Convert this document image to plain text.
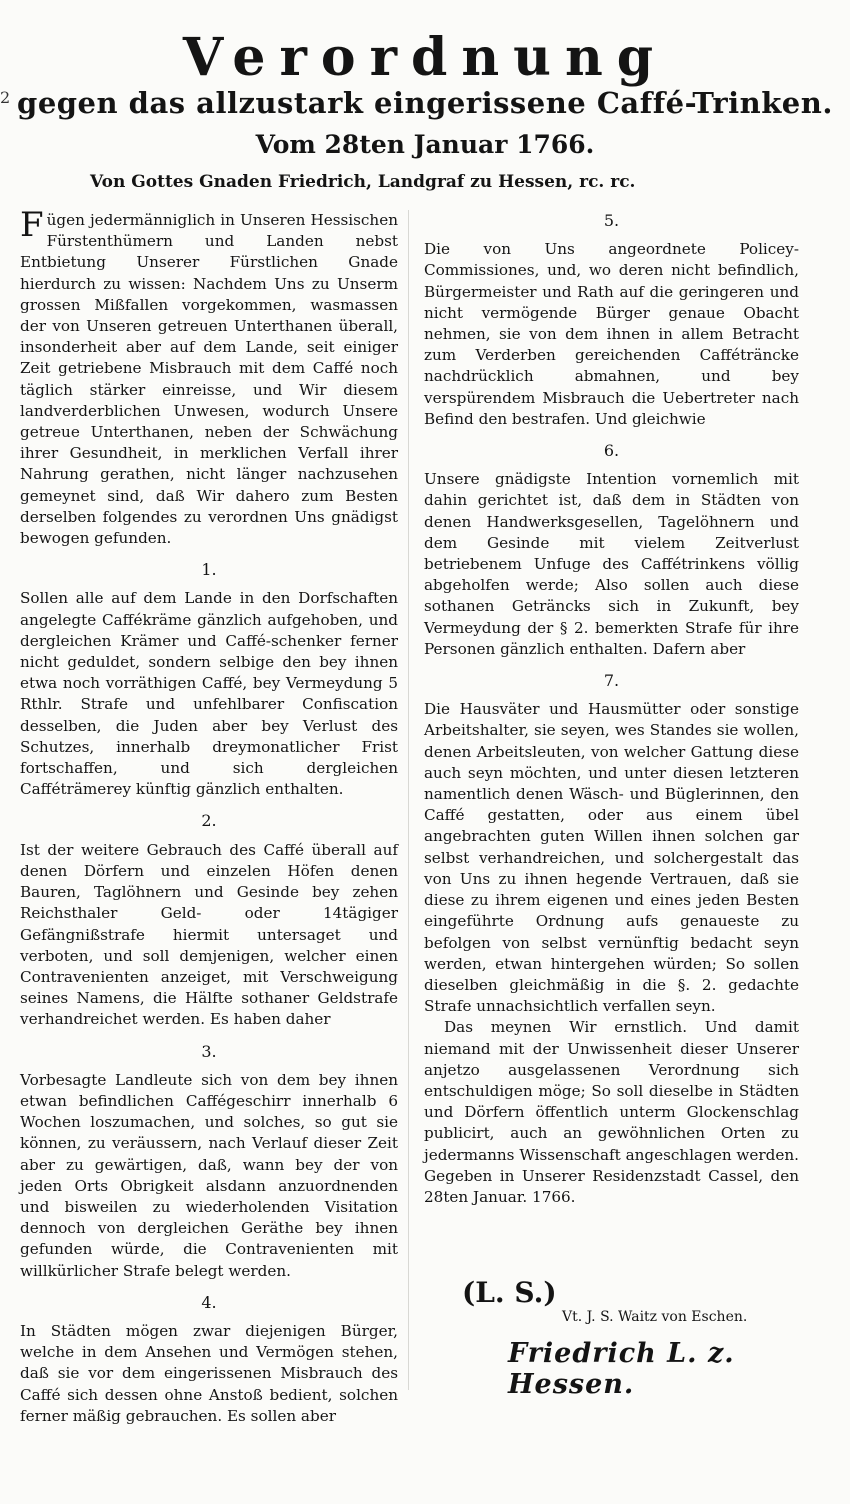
2
Verordnung
gegen das allzustark eingerissene Caffé-Trinken.
Vom 28ten Januar 1766.
Von Gottes Gnaden Friedrich, Landgraf zu Hessen, rc. rc.

Fügen jedermänniglich in Unseren Hessischen Fürstenthümern und Landen nebst Entbietung Unserer Fürstlichen Gnade hierdurch zu wissen: Nachdem Uns zu Unserm grossen Mißfallen vorgekommen, wasmassen der von Unseren getreuen Unterthanen überall, insonderheit aber auf dem Lande, seit einiger Zeit getriebene Misbrauch mit dem Caffé noch täglich stärker einreisse, und Wir diesem landverderblichen Unwesen, wodurch Unsere getreue Unterthanen, neben der Schwächung ihrer Gesundheit, in merklichen Verfall ihrer Nahrung gerathen, nicht länger nachzusehen gemeynet sind, daß Wir dahero zum Besten derselben folgendes zu verordnen Uns gnädigst bewogen gefunden.

1.

Sollen alle auf dem Lande in den Dorfschaften angelegte Caffékräme gänzlich aufgehoben, und dergleichen Krämer und Caffé-schenker ferner nicht geduldet, sondern selbige den bey ihnen etwa noch vorräthigen Caffé, bey Vermeydung 5 Rthlr. Strafe und unfehlbarer Confiscation desselben, die Juden aber bey Verlust des Schutzes, innerhalb dreymonatlicher Frist fortschaffen, und sich dergleichen Cafféträmerey künftig gänzlich enthalten.

2.

Ist der weitere Gebrauch des Caffé überall auf denen Dörfern und einzelen Höfen denen Bauren, Taglöhnern und Gesinde bey zehen Reichsthaler Geld- oder 14tägiger Gefängnißstrafe hiermit untersaget und verboten, und soll demjenigen, welcher einen Contravenienten anzeiget, mit Verschweigung seines Namens, die Hälfte sothaner Geldstrafe verhandreichet werden. Es haben daher

3.

Vorbesagte Landleute sich von dem bey ihnen etwan befindlichen Caffégeschirr innerhalb 6 Wochen loszumachen, und solches, so gut sie können, zu veräussern, nach Verlauf dieser Zeit aber zu gewärtigen, daß, wann bey der von jeden Orts Obrigkeit alsdann anzuordnenden und bisweilen zu wiederholenden Visitation dennoch von dergleichen Geräthe bey ihnen gefunden würde, die Contravenienten mit willkürlicher Strafe belegt werden.

4.

In Städten mögen zwar diejenigen Bürger, welche in dem Ansehen und Vermögen stehen, daß sie vor dem eingerissenen Misbrauch des Caffé sich dessen ohne Anstoß bedient, solchen ferner mäßig gebrauchen. Es sollen aber

5.

Die von Uns angeordnete Policey-Commissiones, und, wo deren nicht befindlich, Bürgermeister und Rath auf die geringeren und nicht vermögende Bürger genaue Obacht nehmen, sie von dem ihnen in allem Betracht zum Verderben gereichenden Cafféträncke nachdrücklich abmahnen, und bey verspürendem Misbrauch die Uebertreter nach Befind den bestrafen. Und gleichwie

6.

Unsere gnädigste Intention vornemlich mit dahin gerichtet ist, daß dem in Städten von denen Handwerksgesellen, Tagelöhnern und dem Gesinde mit vielem Zeitverlust betriebenem Unfuge des Caffétrinkens völlig abgeholfen werde; Also sollen auch diese sothanen Geträncks sich in Zukunft, bey Vermeydung der § 2. bemerkten Strafe für ihre Personen gänzlich enthalten. Dafern aber

7.

Die Hausväter und Hausmütter oder sonstige Arbeitshalter, sie seyen, wes Standes sie wollen, denen Arbeitsleuten, von welcher Gattung diese auch seyn möchten, und unter diesen letzteren namentlich denen Wäsch- und Büglerinnen, den Caffé gestatten, oder aus einem übel angebrachten guten Willen ihnen solchen gar selbst verhandreichen, und solchergestalt das von Uns zu ihnen hegende Vertrauen, daß sie diese zu ihrem eigenen und eines jeden Besten eingeführte Ordnung aufs genaueste zu befolgen von selbst vernünftig bedacht seyn werden, etwan hintergehen würden; So sollen dieselben gleichmäßig in die §. 2. gedachte Strafe unnachsichtlich verfallen seyn.

Das meynen Wir ernstlich. Und damit niemand mit der Unwissenheit dieser Unserer anjetzo ausgelassenen Verordnung sich entschuldigen möge; So soll dieselbe in Städten und Dörfern öffentlich unterm Glockenschlag publicirt, auch an gewöhnlichen Orten zu jedermanns Wissenschaft angeschlagen werden. Gegeben in Unserer Residenzstadt Cassel, den 28ten Januar. 1766.

(L. S.)
Vt. J. S. Waitz von Eschen.
Friedrich L. z. Hessen.
